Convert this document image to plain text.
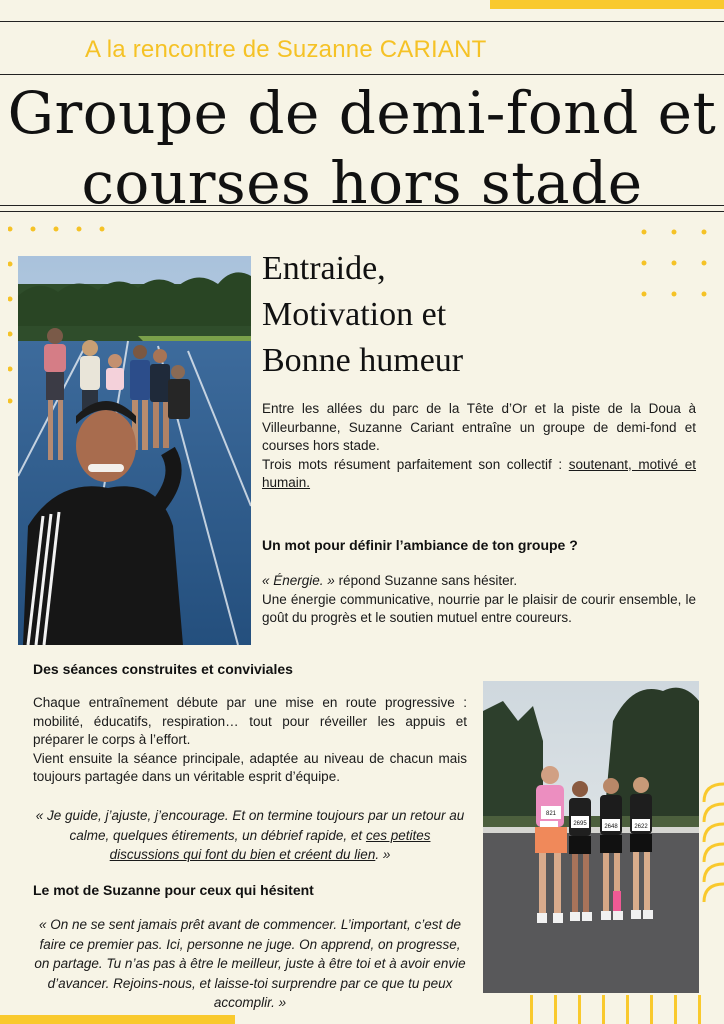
A la rencontre de Suzanne CARIANT
Groupe de demi-fond et
courses hors stade
Entraide,
Motivation et
Bonne humeur

Entre les allées du parc de la Tête d’Or et la piste de la Doua à Villeurbanne, Suzanne Cariant entraîne un groupe de demi-fond et courses hors stade.

Trois mots résument parfaitement son collectif : soutenant, motivé et humain.

Un mot pour définir l’ambiance de ton groupe ?

« Énergie. » répond Suzanne sans hésiter.

Une énergie communicative, nourrie par le plaisir de courir ensemble, le goût du progrès et le soutien mutuel entre coureurs.

Des séances construites et conviviales

Chaque entraînement débute par une mise en route progressive : mobilité, éducatifs, respiration… tout pour réveiller les appuis et préparer le corps à l’effort.

Vient ensuite la séance principale, adaptée au niveau de chacun mais toujours partagée dans un véritable esprit d’équipe.

« Je guide, j’ajuste, j’encourage. Et on termine toujours par un retour au calme, quelques étirements, un débrief rapide, et ces petites discussions qui font du bien et créent du lien. »

Le mot de Suzanne pour ceux qui hésitent

« On ne se sent jamais prêt avant de commencer. L’important, c’est de faire ce premier pas. Ici, personne ne juge. On apprend, on progresse, on partage. Tu n’as pas à être le meilleur, juste à être toi et à avoir envie d’avancer. Rejoins-nous, et laisse-toi surprendre par ce que tu peux accomplir. »

821
2695	2648	2622
